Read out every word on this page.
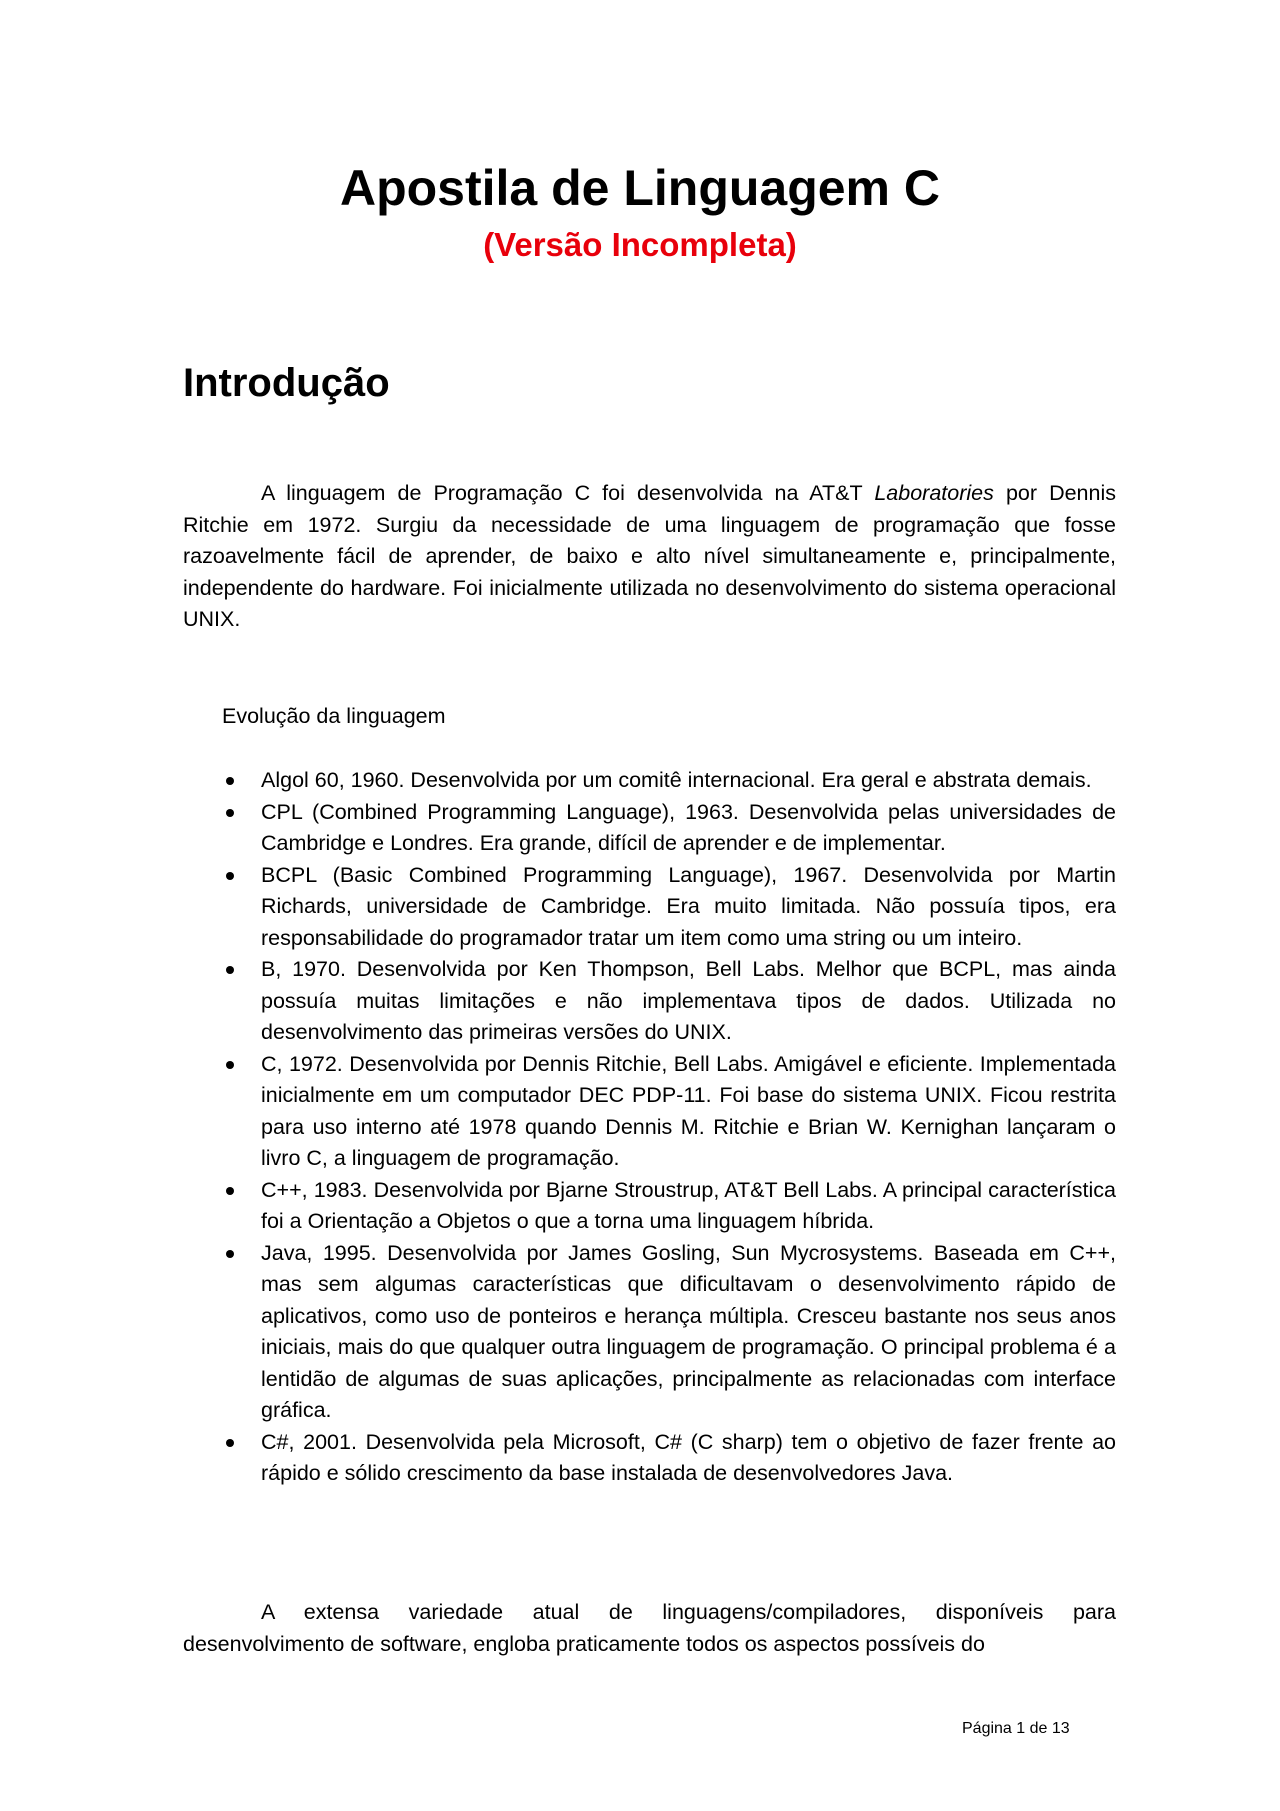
Apostila de Linguagem C
(Versão Incompleta)
Introdução

A linguagem de Programação C foi desenvolvida na AT&T Laboratories por Dennis Ritchie em 1972. Surgiu da necessidade de uma linguagem de programação que fosse razoavelmente fácil de aprender, de baixo e alto nível simultaneamente e, principalmente, independente do hardware. Foi inicialmente utilizada no desenvolvimento do sistema operacional UNIX.

Evolução da linguagem

Algol 60, 1960. Desenvolvida por um comitê internacional. Era geral e abstrata demais.
CPL (Combined Programming Language), 1963. Desenvolvida pelas universidades de Cambridge e Londres. Era grande, difícil de aprender e de implementar.
BCPL (Basic Combined Programming Language), 1967. Desenvolvida por Martin Richards, universidade de Cambridge. Era muito limitada. Não possuía tipos, era responsabilidade do programador tratar um item como uma string ou um inteiro.
B, 1970. Desenvolvida por Ken Thompson, Bell Labs. Melhor que BCPL, mas ainda possuía muitas limitações e não implementava tipos de dados. Utilizada no desenvolvimento das primeiras versões do UNIX.
C, 1972. Desenvolvida por Dennis Ritchie, Bell Labs. Amigável e eficiente. Implementada inicialmente em um computador DEC PDP-11. Foi base do sistema UNIX. Ficou restrita para uso interno até 1978 quando Dennis M. Ritchie e Brian W. Kernighan lançaram o livro C, a linguagem de programação.
C++, 1983. Desenvolvida por Bjarne Stroustrup, AT&T Bell Labs. A principal característica foi a Orientação a Objetos o que a torna uma linguagem híbrida.
Java, 1995. Desenvolvida por James Gosling, Sun Mycrosystems. Baseada em C++, mas sem algumas características que dificultavam o desenvolvimento rápido de aplicativos, como uso de ponteiros e herança múltipla. Cresceu bastante nos seus anos iniciais, mais do que qualquer outra linguagem de programação. O principal problema é a lentidão de algumas de suas aplicações, principalmente as relacionadas com interface gráfica.
C#, 2001. Desenvolvida pela Microsoft, C# (C sharp) tem o objetivo de fazer frente ao rápido e sólido crescimento da base instalada de desenvolvedores Java.

A extensa variedade atual de linguagens/compiladores, disponíveis para desenvolvimento de software, engloba praticamente todos os aspectos possíveis do

Página 1 de 13
